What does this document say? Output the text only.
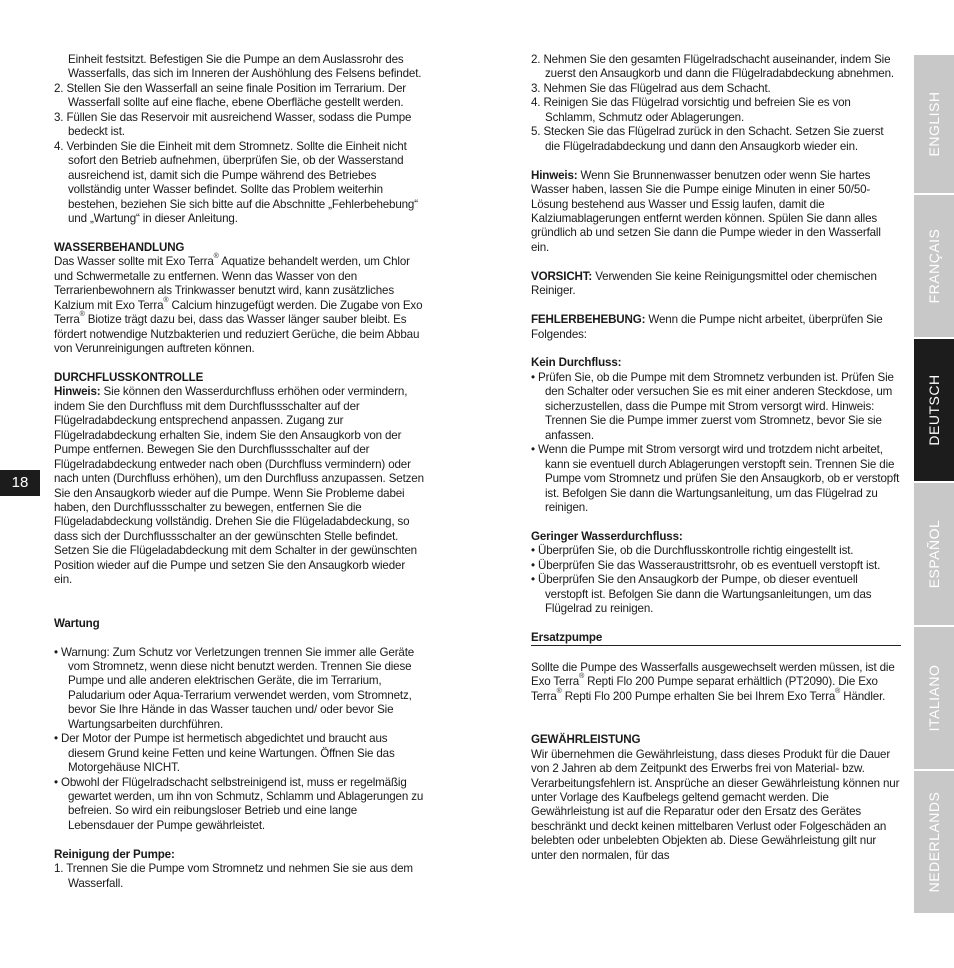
18
ENGLISH
FRANÇAIS
DEUTSCH
ESPAÑOL
ITALIANO
NEDERLANDS

Einheit festsitzt. Befestigen Sie die Pumpe an dem Auslassrohr des Wasserfalls, das sich im Inneren der Aushöhlung des Felsens befindet.

2. Stellen Sie den Wasserfall an seine finale Position im Terrarium. Der Wasserfall sollte auf eine flache, ebene Oberfläche gestellt werden.

3. Füllen Sie das Reservoir mit ausreichend Wasser, sodass die Pumpe bedeckt ist.

4. Verbinden Sie die Einheit mit dem Stromnetz. Sollte die Einheit nicht sofort den Betrieb aufnehmen, überprüfen Sie, ob der Wasserstand ausreichend ist, damit sich die Pumpe während des Betriebes vollständig unter Wasser befindet. Sollte das Problem weiterhin bestehen, beziehen Sie sich bitte auf die Abschnitte „Fehlerbehebung“ und „Wartung“ in dieser Anleitung.

WASSERBEHANDLUNG

Das Wasser sollte mit Exo Terra® Aquatize behandelt werden, um Chlor und Schwermetalle zu entfernen. Wenn das Wasser von den Terrarienbewohnern als Trinkwasser benutzt wird, kann zusätzliches Kalzium mit Exo Terra® Calcium hinzugefügt werden. Die Zugabe von Exo Terra® Biotize trägt dazu bei, dass das Wasser länger sauber bleibt. Es fördert notwendige Nutzbakterien und reduziert Gerüche, die beim Abbau von Verunreinigungen auftreten können.

DURCHFLUSSKONTROLLE

Hinweis: Sie können den Wasserdurchfluss erhöhen oder vermindern, indem Sie den Durchfluss mit dem Durchflussschalter auf der Flügelradabdeckung entsprechend anpassen. Zugang zur Flügelradabdeckung erhalten Sie, indem Sie den Ansaugkorb von der Pumpe entfernen. Bewegen Sie den Durchflussschalter auf der Flügelradabdeckung entweder nach oben (Durchfluss vermindern) oder nach unten (Durchfluss erhöhen), um den Durchfluss anzupassen. Setzen Sie den Ansaugkorb wieder auf die Pumpe. Wenn Sie Probleme dabei haben, den Durchflussschalter zu bewegen, entfernen Sie die Flügeladabdeckung vollständig. Drehen Sie die Flügeladabdeckung, so dass sich der Durchflussschalter an der gewünschten Stelle befindet. Setzen Sie die Flügeladabdeckung mit dem Schalter in der gewünschten Position wieder auf die Pumpe und setzen Sie den Ansaugkorb wieder ein.

Wartung

• Warnung: Zum Schutz vor Verletzungen trennen Sie immer alle Geräte vom Stromnetz, wenn diese nicht benutzt werden. Trennen Sie diese Pumpe und alle anderen elektrischen Geräte, die im Terrarium, Paludarium oder Aqua-Terrarium verwendet werden, vom Stromnetz, bevor Sie Ihre Hände in das Wasser tauchen und/ oder bevor Sie Wartungsarbeiten durchführen.

• Der Motor der Pumpe ist hermetisch abgedichtet und braucht aus diesem Grund keine Fetten und keine Wartungen. Öffnen Sie das Motorgehäuse NICHT.

• Obwohl der Flügelradschacht selbstreinigend ist, muss er regelmäßig gewartet werden, um ihn von Schmutz, Schlamm und Ablagerungen zu befreien. So wird ein reibungsloser Betrieb und eine lange Lebensdauer der Pumpe gewährleistet.

Reinigung der Pumpe:

1. Trennen Sie die Pumpe vom Stromnetz und nehmen Sie sie aus dem Wasserfall.

2. Nehmen Sie den gesamten Flügelradschacht auseinander, indem Sie zuerst den Ansaugkorb und dann die Flügelradabdeckung abnehmen.

3. Nehmen Sie das Flügelrad aus dem Schacht.

4. Reinigen Sie das Flügelrad vorsichtig und befreien Sie es von Schlamm, Schmutz oder Ablagerungen.

5. Stecken Sie das Flügelrad zurück in den Schacht. Setzen Sie zuerst die Flügelradabdeckung und dann den Ansaugkorb wieder ein.

Hinweis: Wenn Sie Brunnenwasser benutzen oder wenn Sie hartes Wasser haben, lassen Sie die Pumpe einige Minuten in einer 50/50-Lösung bestehend aus Wasser und Essig laufen, damit die Kalziumablagerungen entfernt werden können. Spülen Sie dann alles gründlich ab und setzen Sie dann die Pumpe wieder in den Wasserfall ein.

VORSICHT: Verwenden Sie keine Reinigungsmittel oder chemischen Reiniger.

FEHLERBEHEBUNG: Wenn die Pumpe nicht arbeitet, überprüfen Sie Folgendes:

Kein Durchfluss:

• Prüfen Sie, ob die Pumpe mit dem Stromnetz verbunden ist. Prüfen Sie den Schalter oder versuchen Sie es mit einer anderen Steckdose, um sicherzustellen, dass die Pumpe mit Strom versorgt wird. Hinweis: Trennen Sie die Pumpe immer zuerst vom Stromnetz, bevor Sie sie anfassen.

• Wenn die Pumpe mit Strom versorgt wird und trotzdem nicht arbeitet, kann sie eventuell durch Ablagerungen verstopft sein. Trennen Sie die Pumpe vom Stromnetz und prüfen Sie den Ansaugkorb, ob er verstopft ist. Befolgen Sie dann die Wartungsanleitung, um das Flügelrad zu reinigen.

Geringer Wasserdurchfluss:

• Überprüfen Sie, ob die Durchflusskontrolle richtig eingestellt ist.

• Überprüfen Sie das Wasseraustrittsrohr, ob es eventuell verstopft ist.

• Überprüfen Sie den Ansaugkorb der Pumpe, ob dieser eventuell verstopft ist. Befolgen Sie dann die Wartungsanleitungen, um das Flügelrad zu reinigen.

Ersatzpumpe

Sollte die Pumpe des Wasserfalls ausgewechselt werden müssen, ist die Exo Terra® Repti Flo 200 Pumpe separat erhältlich (PT2090). Die Exo Terra® Repti Flo 200 Pumpe erhalten Sie bei Ihrem Exo Terra® Händler.

GEWÄHRLEISTUNG

Wir übernehmen die Gewährleistung, dass dieses Produkt für die Dauer von 2 Jahren ab dem Zeitpunkt des Erwerbs frei von Material- bzw. Verarbeitungsfehlern ist. Ansprüche an dieser Gewährleistung können nur unter Vorlage des Kaufbelegs geltend gemacht werden. Die Gewährleistung ist auf die Reparatur oder den Ersatz des Gerätes beschränkt und deckt keinen mittelbaren Verlust oder Folgeschäden an belebten oder unbelebten Objekten ab. Diese Gewährleistung gilt nur unter den normalen, für das
